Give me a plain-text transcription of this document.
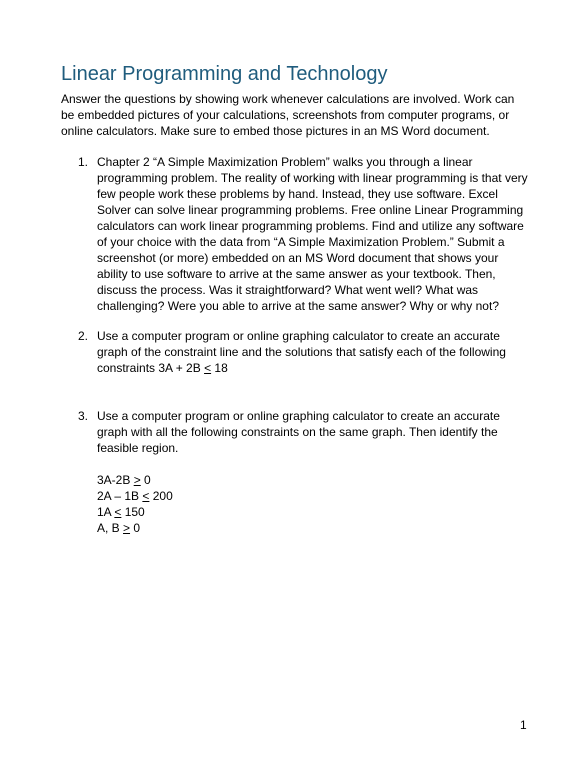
Linear Programming and Technology
Answer the questions by showing work whenever calculations are involved. Work can
be embedded pictures of your calculations, screenshots from computer programs, or
online calculators. Make sure to embed those pictures in an MS Word document.
1. Chapter 2 “A Simple Maximization Problem” walks you through a linear
programming problem. The reality of working with linear programming is that very
few people work these problems by hand. Instead, they use software. Excel
Solver can solve linear programming problems. Free online Linear Programming
calculators can work linear programming problems. Find and utilize any software
of your choice with the data from “A Simple Maximization Problem.” Submit a
screenshot (or more) embedded on an MS Word document that shows your
ability to use software to arrive at the same answer as your textbook. Then,
discuss the process. Was it straightforward? What went well? What was
challenging? Were you able to arrive at the same answer? Why or why not?
2. Use a computer program or online graphing calculator to create an accurate
graph of the constraint line and the solutions that satisfy each of the following
constraints 3A + 2B ≤ 18
3. Use a computer program or online graphing calculator to create an accurate
graph with all the following constraints on the same graph. Then identify the
feasible region.
3A-2B ≥ 0
2A – 1B ≤ 200
1A ≤ 150
A, B ≥ 0
1
